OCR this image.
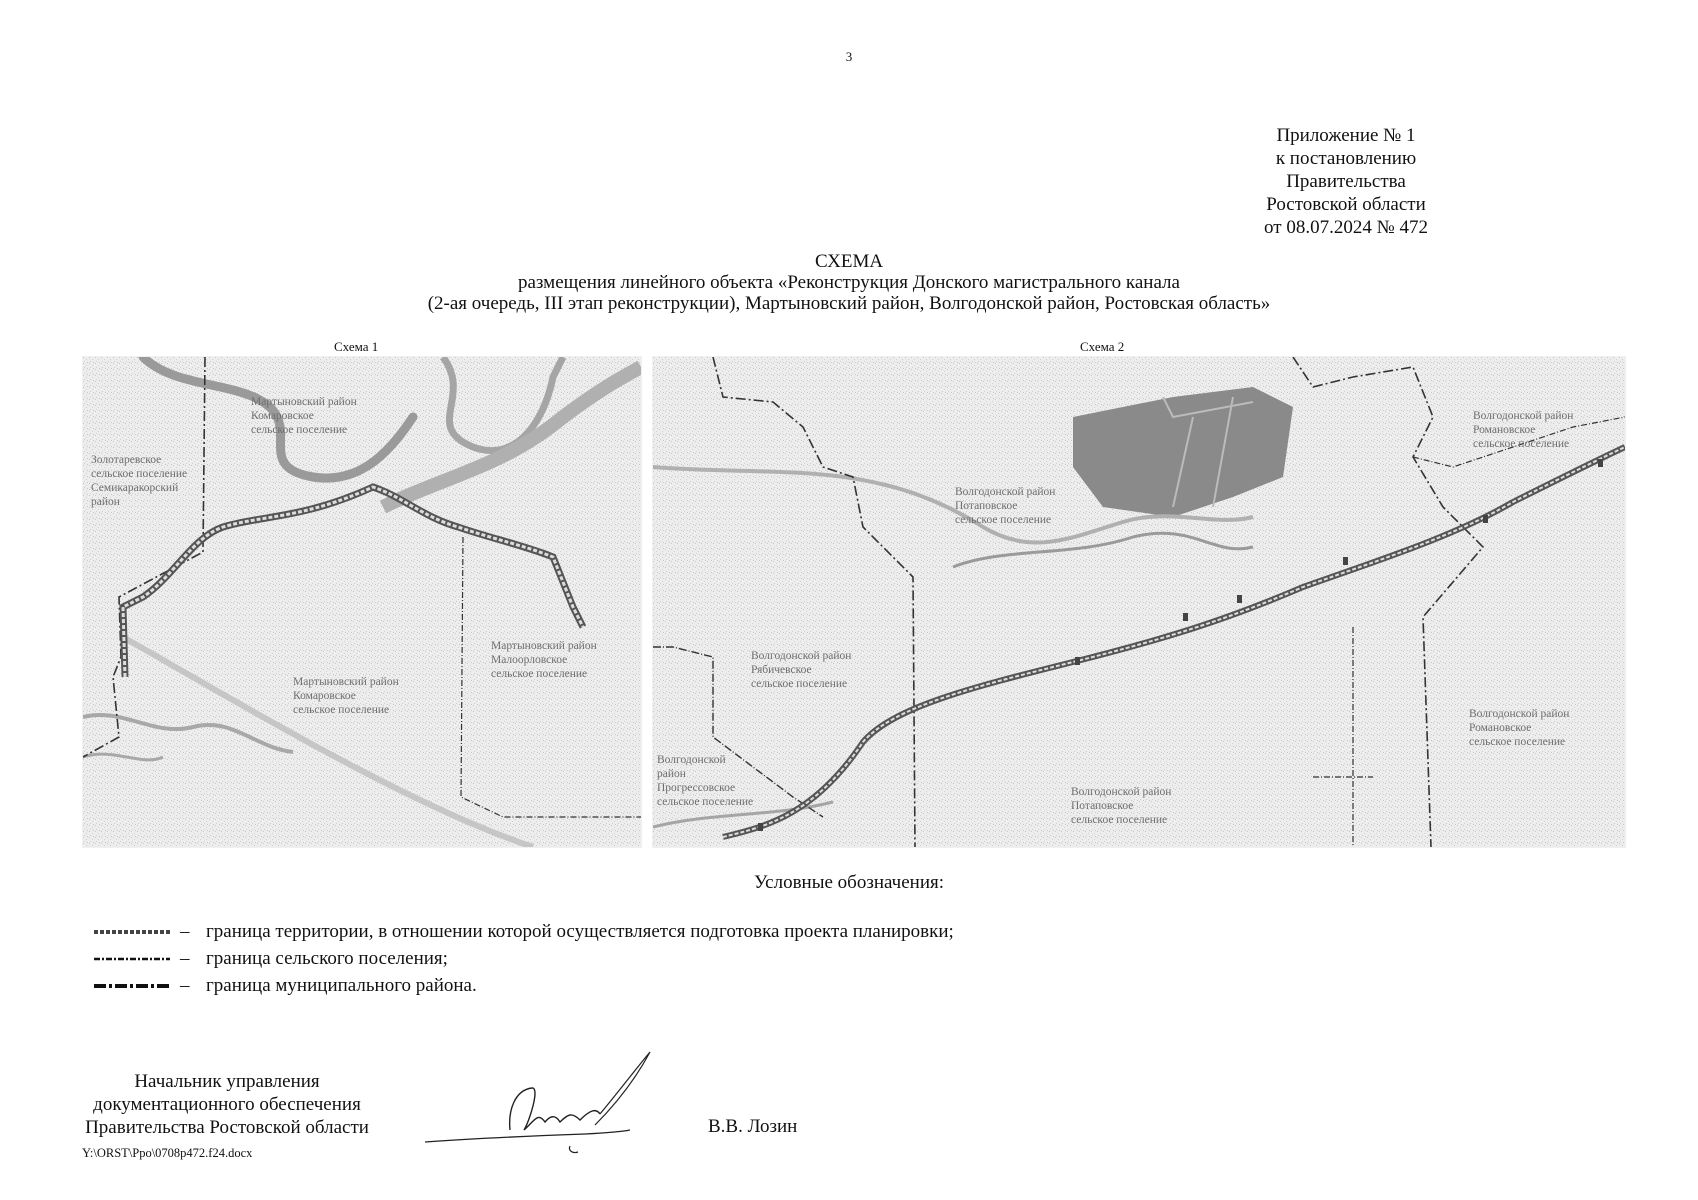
3
Приложение № 1
к постановлению
Правительства
Ростовской области
от 08.07.2024 № 472
СХЕМА
размещения линейного объекта «Реконструкция Донского магистрального канала
(2-ая очередь, III этап реконструкции), Мартыновский район, Волгодонской район, Ростовская область»
Схема 1	Схема 2
Мартыновский район
Комаровское
сельское поселение
Золотаревское
сельское поселение
Семикаракорский
район
Мартыновский район
Комаровское
сельское поселение
Мартыновский район
Малоорловское
сельское поселение
Волгодонской район
Потаповское
сельское поселение
Волгодонской район
Романовское
сельское поселение
Волгодонской район
Рябичевское
сельское поселение
Волгодонской
район
Прогрессовское
сельское поселение
Волгодонской район
Потаповское
сельское поселение
Волгодонской район
Романовское
сельское поселение
Условные обозначения:
– граница территории, в отношении которой осуществляется подготовка проекта планировки;
– граница сельского поселения;
– граница муниципального района.
Начальник управления
документационного обеспечения
Правительства Ростовской области	В.В. Лозин
Y:\ORST\Ppo\0708p472.f24.docx
